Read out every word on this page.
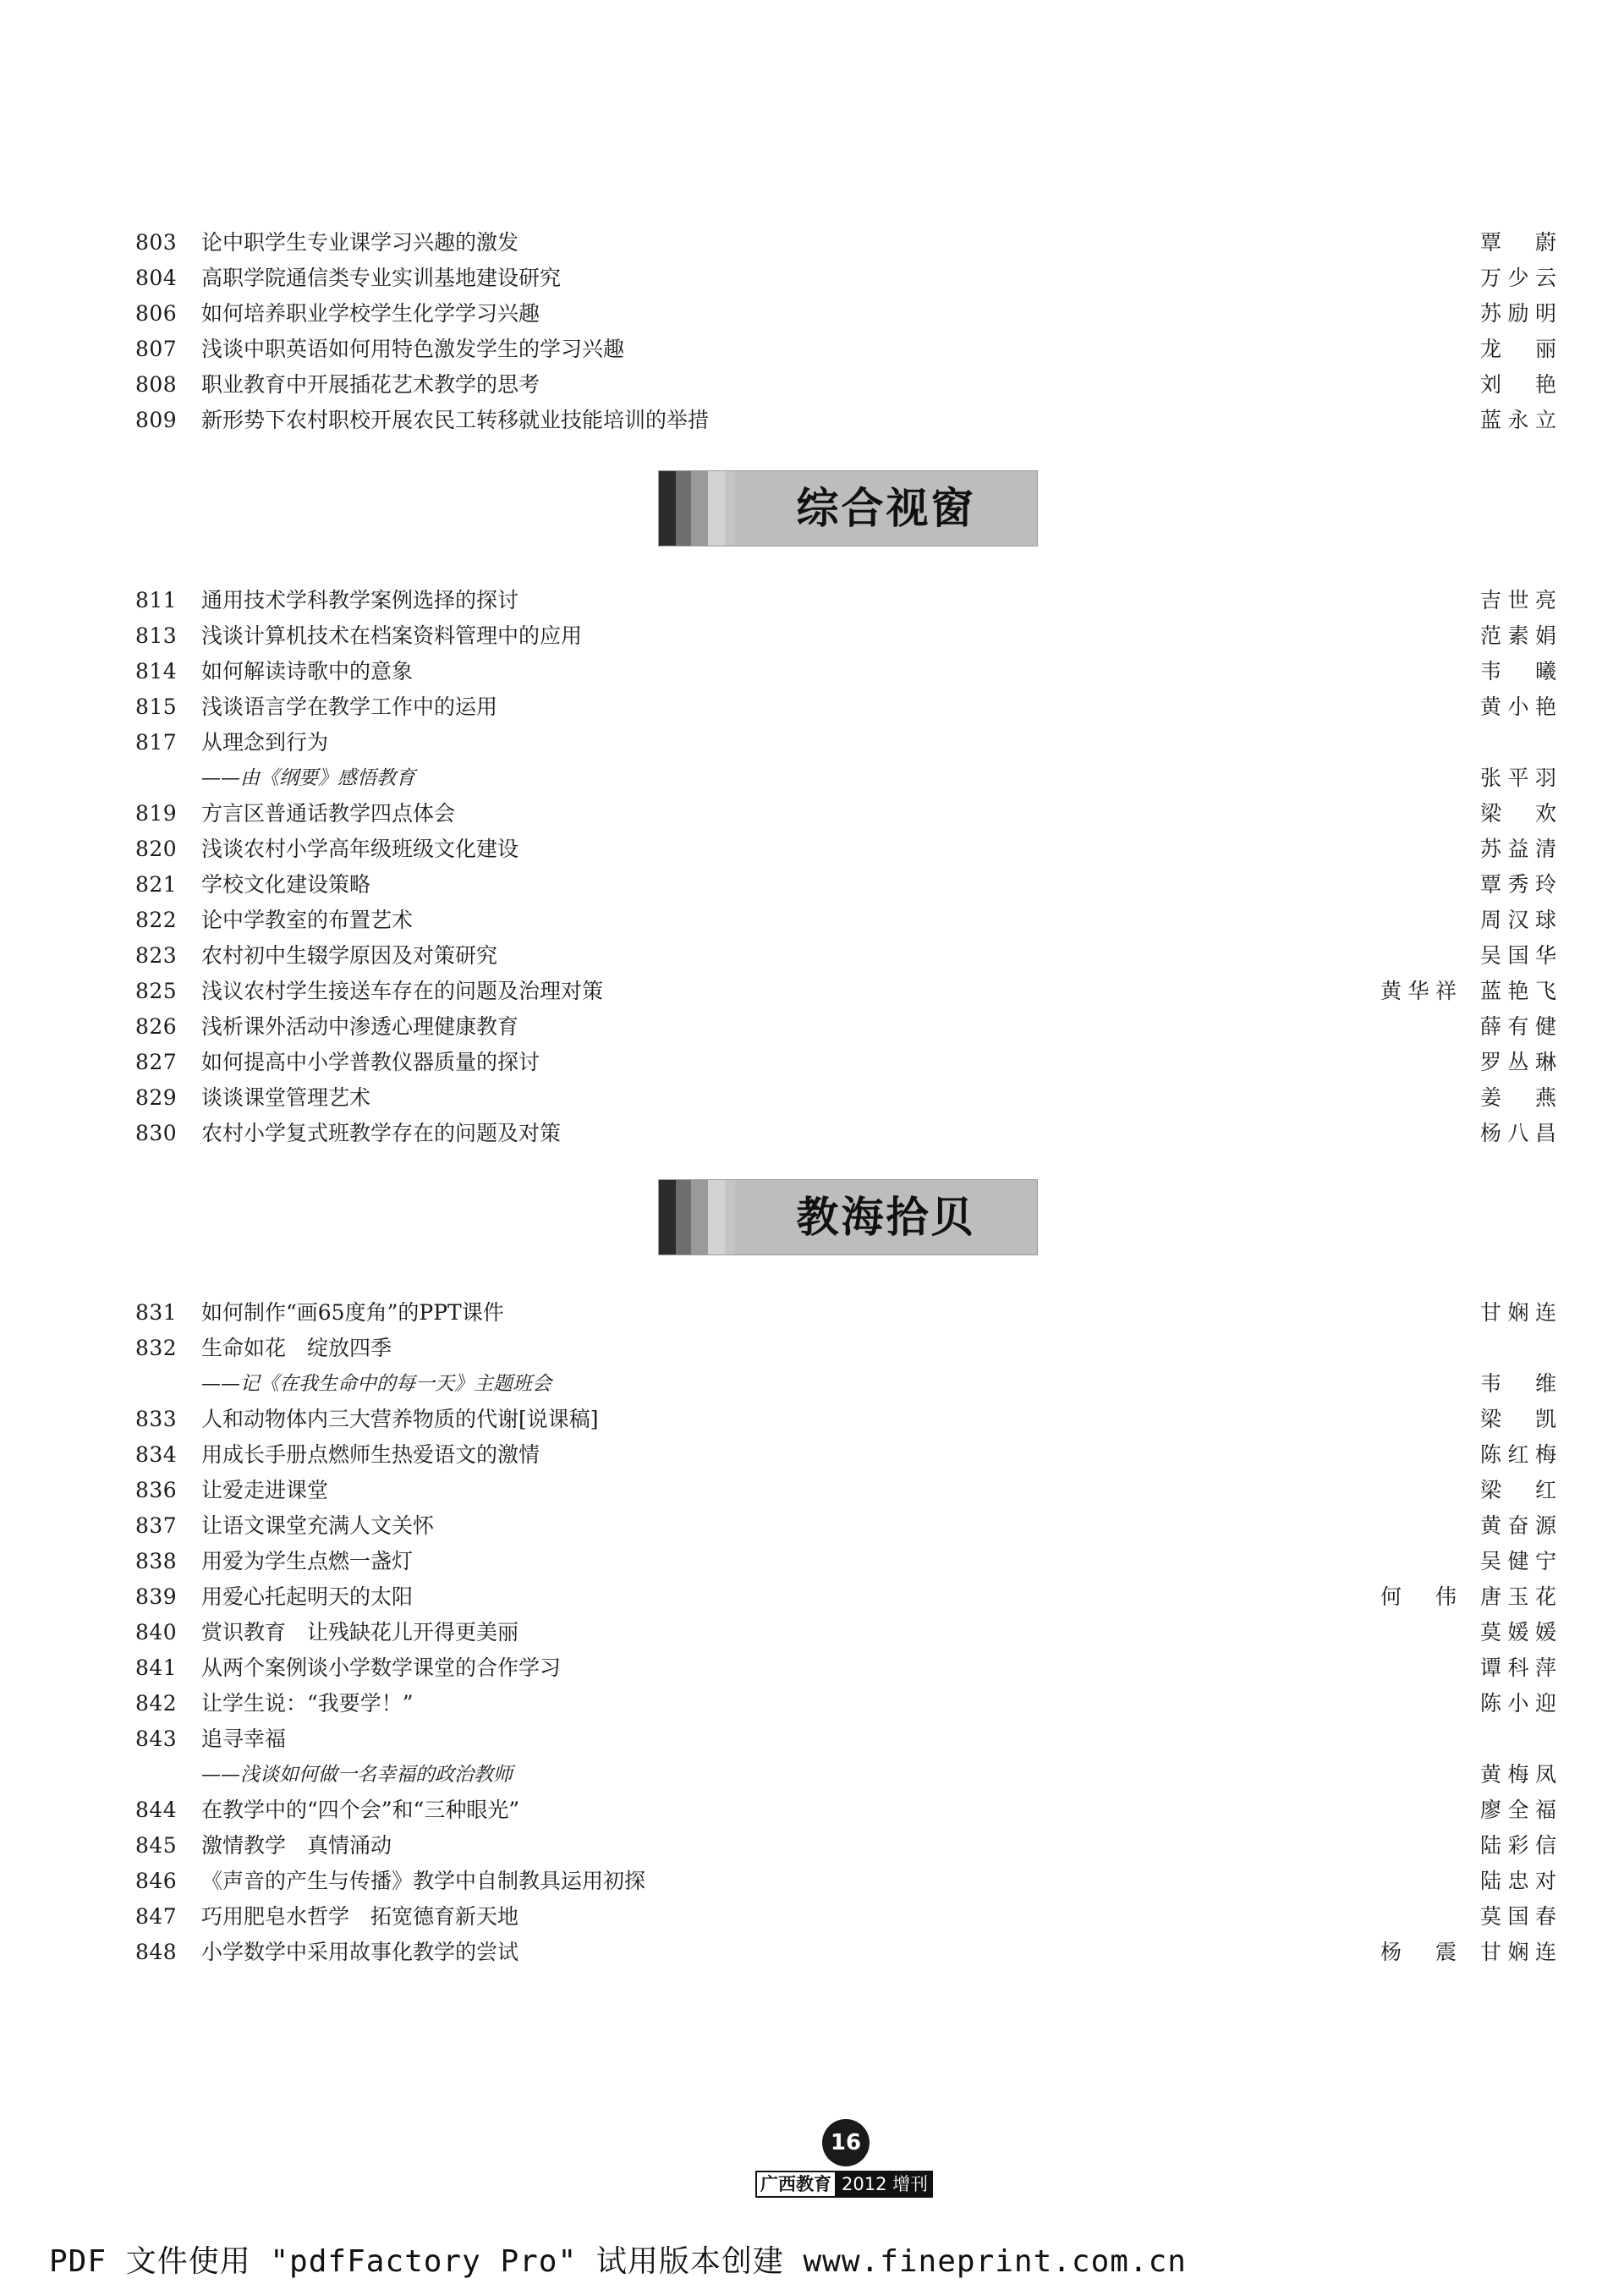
803	论中职学生专业课学习兴趣的激发	覃 蔚
804	高职学院通信类专业实训基地建设研究	万少云
806	如何培养职业学校学生化学学习兴趣	苏励明
807	浅谈中职英语如何用特色激发学生的学习兴趣	龙 丽
808	职业教育中开展插花艺术教学的思考	刘 艳
809	新形势下农村职校开展农民工转移就业技能培训的举措	蓝永立
综合视窗
811	通用技术学科教学案例选择的探讨	吉世亮
813	浅谈计算机技术在档案资料管理中的应用	范素娟
814	如何解读诗歌中的意象	韦 曦
815	浅谈语言学在教学工作中的运用	黄小艳
817	从理念到行为
——由《纲要》感悟教育	张平羽
819	方言区普通话教学四点体会	梁 欢
820	浅谈农村小学高年级班级文化建设	苏益清
821	学校文化建设策略	覃秀玲
822	论中学教室的布置艺术	周汉球
823	农村初中生辍学原因及对策研究	吴国华
825	浅议农村学生接送车存在的问题及治理对策	黄华祥 蓝艳飞
826	浅析课外活动中渗透心理健康教育	薛有健
827	如何提高中小学普教仪器质量的探讨	罗丛琳
829	谈谈课堂管理艺术	姜 燕
830	农村小学复式班教学存在的问题及对策	杨八昌
教海拾贝
831	如何制作“画65度角”的PPT课件	甘娴连
832	生命如花　绽放四季
——记《在我生命中的每一天》主题班会	韦 维
833	人和动物体内三大营养物质的代谢[说课稿]	梁 凯
834	用成长手册点燃师生热爱语文的激情	陈红梅
836	让爱走进课堂	梁 红
837	让语文课堂充满人文关怀	黄奋源
838	用爱为学生点燃一盏灯	吴健宁
839	用爱心托起明天的太阳	何 伟 唐玉花
840	赏识教育　让残缺花儿开得更美丽	莫媛媛
841	从两个案例谈小学数学课堂的合作学习	谭科萍
842	让学生说：“我要学！”	陈小迎
843	追寻幸福
——浅谈如何做一名幸福的政治教师	黄梅凤
844	在教学中的“四个会”和“三种眼光”	廖全福
845	激情教学　真情涌动	陆彩信
846	《声音的产生与传播》教学中自制教具运用初探	陆忠对
847	巧用肥皂水哲学　拓宽德育新天地	莫国春
848	小学数学中采用故事化教学的尝试	杨 震 甘娴连
16
广西教育 2012 增刊
PDF 文件使用 "pdfFactory Pro" 试用版本创建 www.fineprint.com.cn
